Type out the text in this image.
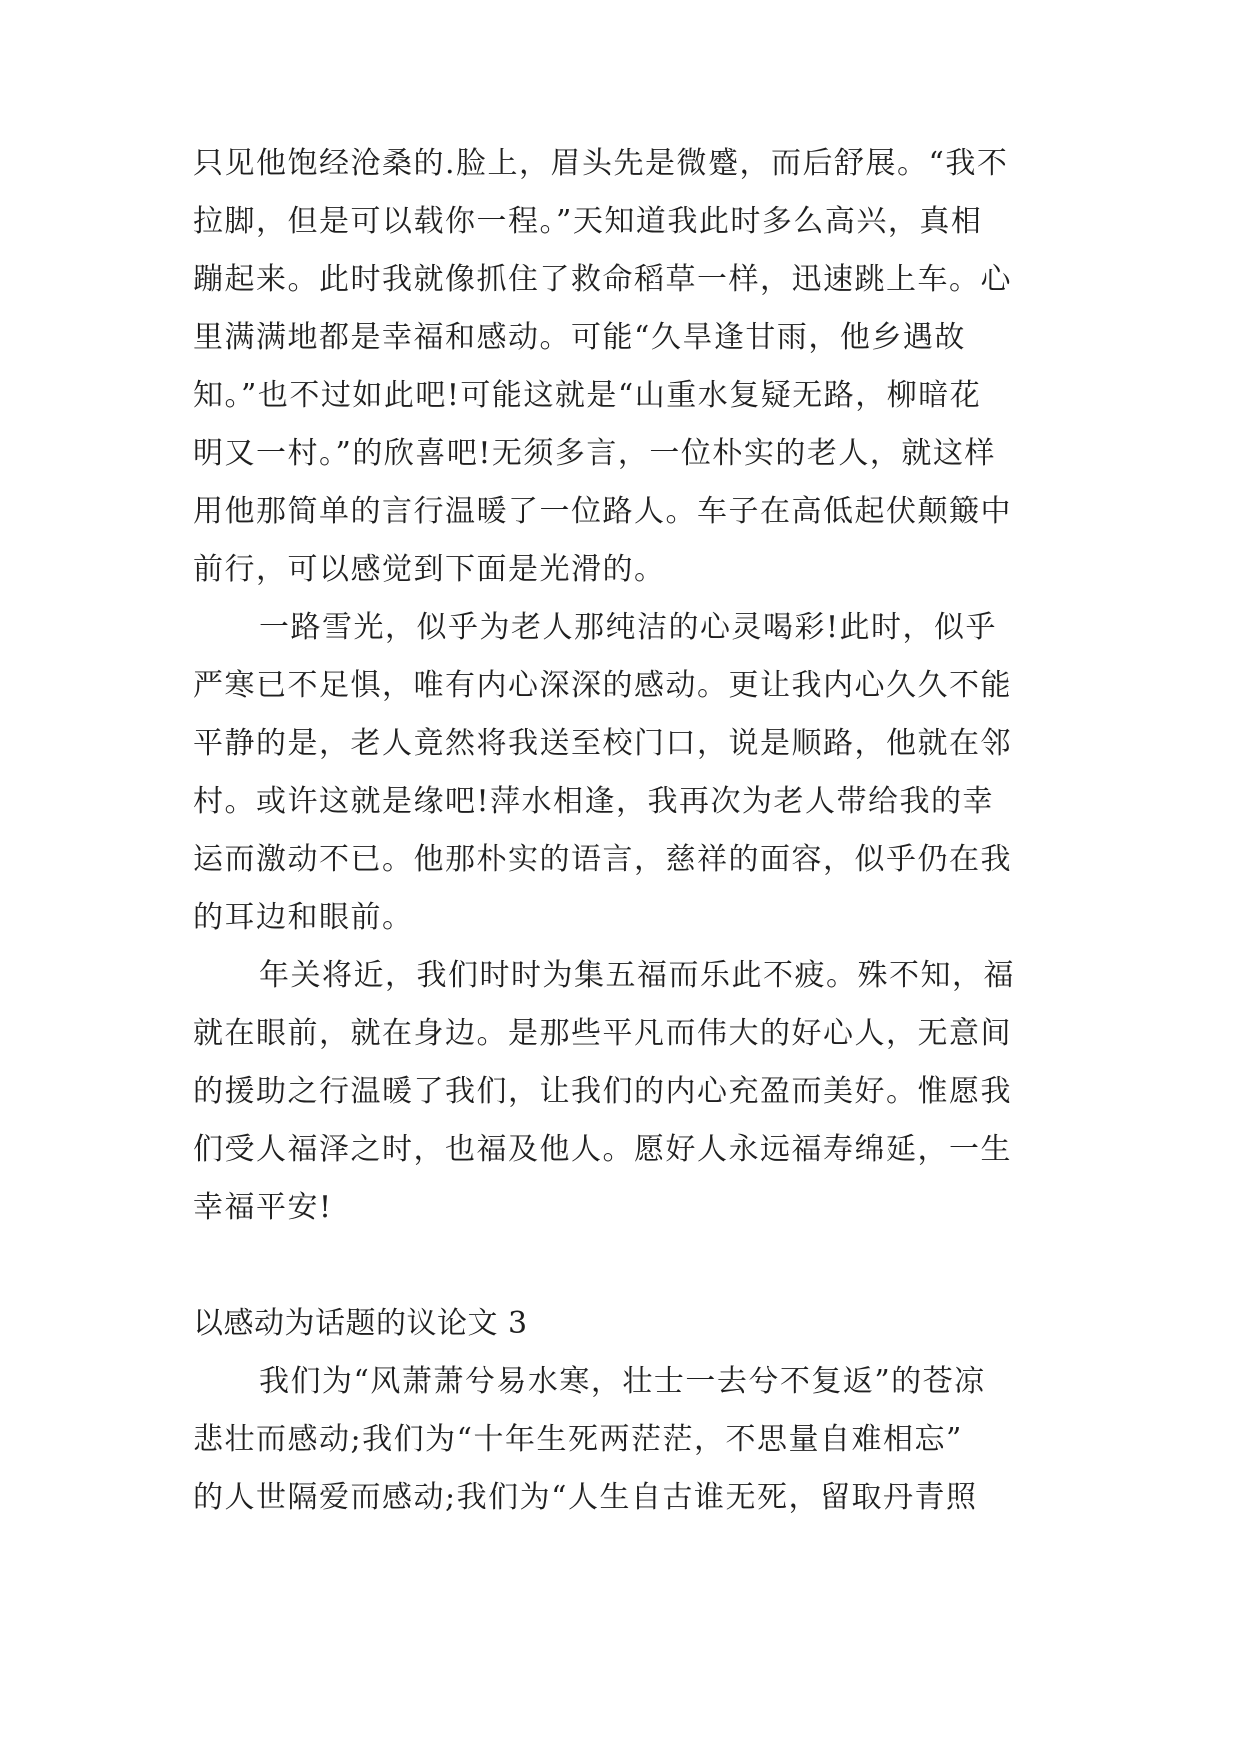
只见他饱经沧桑的.脸上，眉头先是微蹙，而后舒展。“我不
拉脚，但是可以载你一程。”天知道我此时多么高兴，真相
蹦起来。此时我就像抓住了救命稻草一样，迅速跳上车。心
里满满地都是幸福和感动。可能“久旱逢甘雨，他乡遇故
知。”也不过如此吧!可能这就是“山重水复疑无路，柳暗花
明又一村。”的欣喜吧!无须多言，一位朴实的老人，就这样
用他那简单的言行温暖了一位路人。车子在高低起伏颠簸中
前行，可以感觉到下面是光滑的。
一路雪光，似乎为老人那纯洁的心灵喝彩!此时，似乎
严寒已不足惧，唯有内心深深的感动。更让我内心久久不能
平静的是，老人竟然将我送至校门口，说是顺路，他就在邻
村。或许这就是缘吧!萍水相逢，我再次为老人带给我的幸
运而激动不已。他那朴实的语言，慈祥的面容，似乎仍在我
的耳边和眼前。
年关将近，我们时时为集五福而乐此不疲。殊不知，福
就在眼前，就在身边。是那些平凡而伟大的好心人，无意间
的援助之行温暖了我们，让我们的内心充盈而美好。惟愿我
们受人福泽之时，也福及他人。愿好人永远福寿绵延，一生
幸福平安!
以感动为话题的议论文 3
我们为“风萧萧兮易水寒，壮士一去兮不复返”的苍凉
悲壮而感动;我们为“十年生死两茫茫，不思量自难相忘”
的人世隔爱而感动;我们为“人生自古谁无死，留取丹青照
